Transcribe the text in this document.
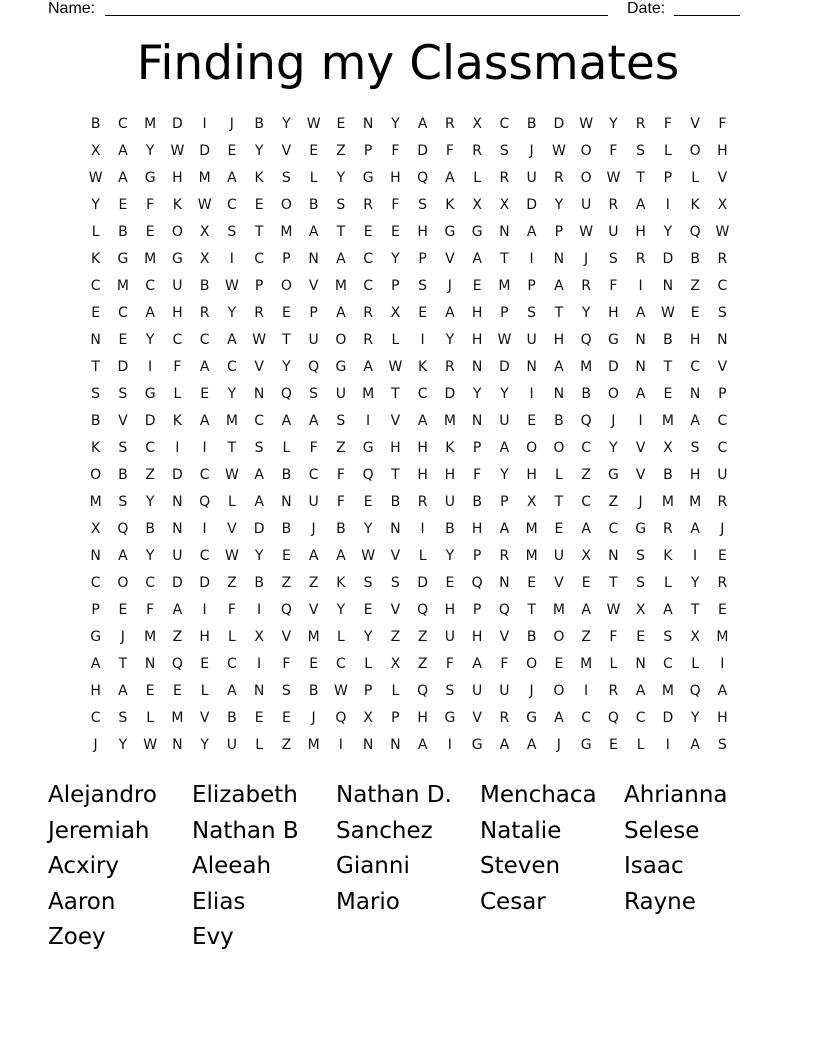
Name:	Date:
Finding my Classmates
B	C	M	D	I	J	B	Y	W	E	N	Y	A	R	X	C	B	D	W	Y	R	F	V	F
X	A	Y	W	D	E	Y	V	E	Z	P	F	D	F	R	S	J	W	O	F	S	L	O	H
W	A	G	H	M	A	K	S	L	Y	G	H	Q	A	L	R	U	R	O	W	T	P	L	V
Y	E	F	K	W	C	E	O	B	S	R	F	S	K	X	X	D	Y	U	R	A	I	K	X
L	B	E	O	X	S	T	M	A	T	E	E	H	G	G	N	A	P	W	U	H	Y	Q	W
K	G	M	G	X	I	C	P	N	A	C	Y	P	V	A	T	I	N	J	S	R	D	B	R
C	M	C	U	B	W	P	O	V	M	C	P	S	J	E	M	P	A	R	F	I	N	Z	C
E	C	A	H	R	Y	R	E	P	A	R	X	E	A	H	P	S	T	Y	H	A	W	E	S
N	E	Y	C	C	A	W	T	U	O	R	L	I	Y	H	W	U	H	Q	G	N	B	H	N
T	D	I	F	A	C	V	Y	Q	G	A	W	K	R	N	D	N	A	M	D	N	T	C	V
S	S	G	L	E	Y	N	Q	S	U	M	T	C	D	Y	Y	I	N	B	O	A	E	N	P
B	V	D	K	A	M	C	A	A	S	I	V	A	M	N	U	E	B	Q	J	I	M	A	C
K	S	C	I	I	T	S	L	F	Z	G	H	H	K	P	A	O	O	C	Y	V	X	S	C
O	B	Z	D	C	W	A	B	C	F	Q	T	H	H	F	Y	H	L	Z	G	V	B	H	U
M	S	Y	N	Q	L	A	N	U	F	E	B	R	U	B	P	X	T	C	Z	J	M	M	R
X	Q	B	N	I	V	D	B	J	B	Y	N	I	B	H	A	M	E	A	C	G	R	A	J
N	A	Y	U	C	W	Y	E	A	A	W	V	L	Y	P	R	M	U	X	N	S	K	I	E
C	O	C	D	D	Z	B	Z	Z	K	S	S	D	E	Q	N	E	V	E	T	S	L	Y	R
P	E	F	A	I	F	I	Q	V	Y	E	V	Q	H	P	Q	T	M	A	W	X	A	T	E
G	J	M	Z	H	L	X	V	M	L	Y	Z	Z	U	H	V	B	O	Z	F	E	S	X	M
A	T	N	Q	E	C	I	F	E	C	L	X	Z	F	A	F	O	E	M	L	N	C	L	I
H	A	E	E	L	A	N	S	B	W	P	L	Q	S	U	U	J	O	I	R	A	M	Q	A
C	S	L	M	V	B	E	E	J	Q	X	P	H	G	V	R	G	A	C	Q	C	D	Y	H
J	Y	W	N	Y	U	L	Z	M	I	N	N	A	I	G	A	A	J	G	E	L	I	A	S
Alejandro	Elizabeth	Nathan D.	Menchaca	Ahrianna
Jeremiah	Nathan B	Sanchez	Natalie	Selese
Acxiry	Aleeah	Gianni	Steven	Isaac
Aaron	Elias	Mario	Cesar	Rayne
Zoey	Evy
